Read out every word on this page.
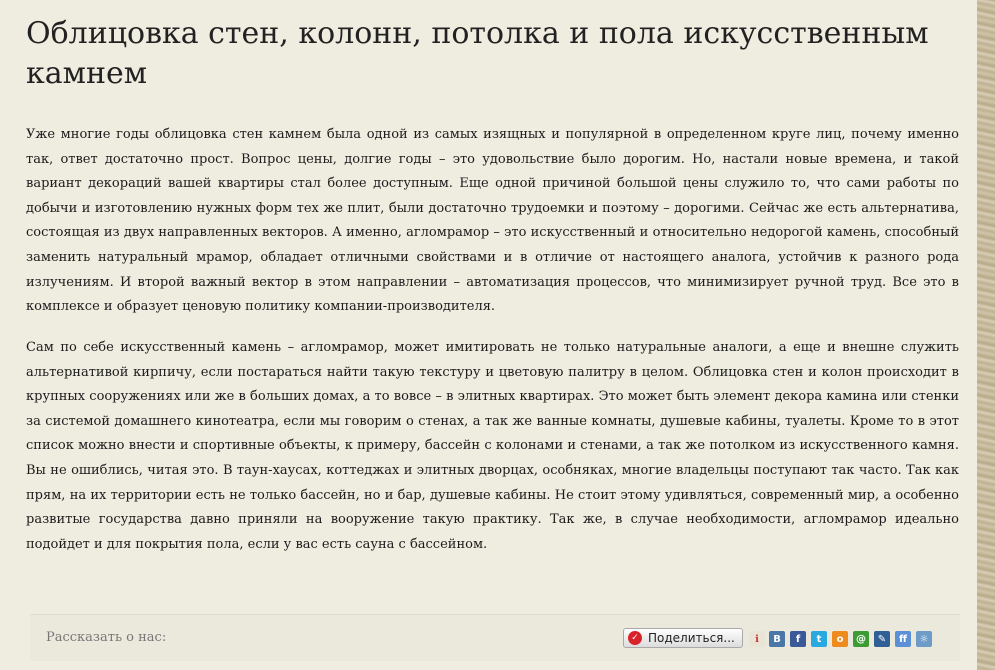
Облицовка стен, колонн, потолка и пола искусственным камнем

Уже многие годы облицовка стен камнем была одной из самых изящных и популярной в определенном круге лиц, почему именно так, ответ достаточно прост. Вопрос цены, долгие годы – это удовольствие было дорогим. Но, настали новые времена, и такой вариант декораций вашей квартиры стал более доступным. Еще одной причиной большой цены служило то, что сами работы по добычи и изготовлению нужных форм тех же плит, были достаточно трудоемки и поэтому – дорогими. Сейчас же есть альтернатива, состоящая из двух направленных векторов. А именно, агломрамор – это искусственный и относительно недорогой камень, способный заменить натуральный мрамор, обладает отличными свойствами и в отличие от настоящего аналога, устойчив к разного рода излучениям. И второй важный вектор в этом направлении – автоматизация процессов, что минимизирует ручной труд. Все это в комплексе и образует ценовую политику компании-производителя.

Сам по себе искусственный камень – агломрамор, может имитировать не только натуральные аналоги, а еще и внешне служить альтернативой кирпичу, если постараться найти такую текстуру и цветовую палитру в целом. Облицовка стен и колон происходит в крупных сооружениях или же в больших домах, а то вовсе – в элитных квартирах. Это может быть элемент декора камина или стенки за системой домашнего кинотеатра, если мы говорим о стенах, а так же ванные комнаты, душевые кабины, туалеты. Кроме то в этот список можно внести и спортивные объекты, к примеру, бассейн с колонами и стенами, а так же потолком из искусственного камня. Вы не ошиблись, читая это. В таун-хаусах, коттеджах и элитных дворцах, особняках, многие владельцы поступают так часто. Так как прям, на их территории есть не только бассейн, но и бар, душевые кабины. Не стоит этому удивляться, современный мир, а особенно развитые государства давно приняли на вооружение такую практику. Так же, в случае необходимости, агломрамор идеально подойдет и для покрытия пола, если у вас есть сауна с бассейном.

Рассказать о нас:	✓ Поделиться...	ℹ	В	f	t	о	@	✎	ff	☼
